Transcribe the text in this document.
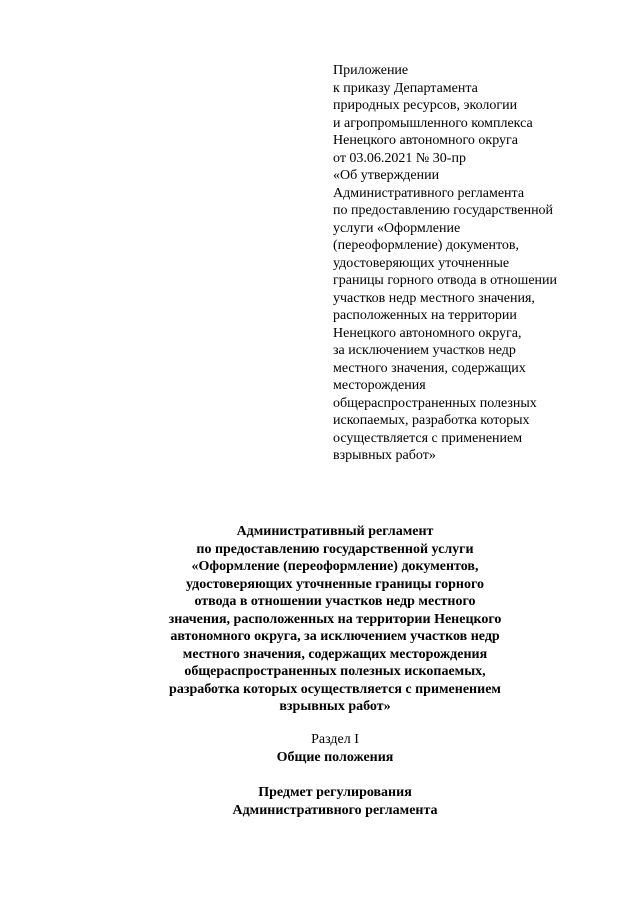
Приложение
к приказу Департамента
природных ресурсов, экологии
и агропромышленного комплекса
Ненецкого автономного округа
от 03.06.2021 № 30-пр
«Об утверждении
Административного регламента
по предоставлению государственной
услуги «Оформление
(переоформление) документов,
удостоверяющих уточненные
границы горного отвода в отношении
участков недр местного значения,
расположенных на территории
Ненецкого автономного округа,
за исключением участков недр
местного значения, содержащих
месторождения
общераспространенных полезных
ископаемых, разработка которых
осуществляется с применением
взрывных работ»
Административный регламент
по предоставлению государственной услуги
«Оформление (переоформление) документов,
удостоверяющих уточненные границы горного
отвода в отношении участков недр местного
значения, расположенных на территории Ненецкого
автономного округа, за исключением участков недр
местного значения, содержащих месторождения
общераспространенных полезных ископаемых,
разработка которых осуществляется с применением
взрывных работ»
Раздел I
Общие положения
Предмет регулирования
Административного регламента
